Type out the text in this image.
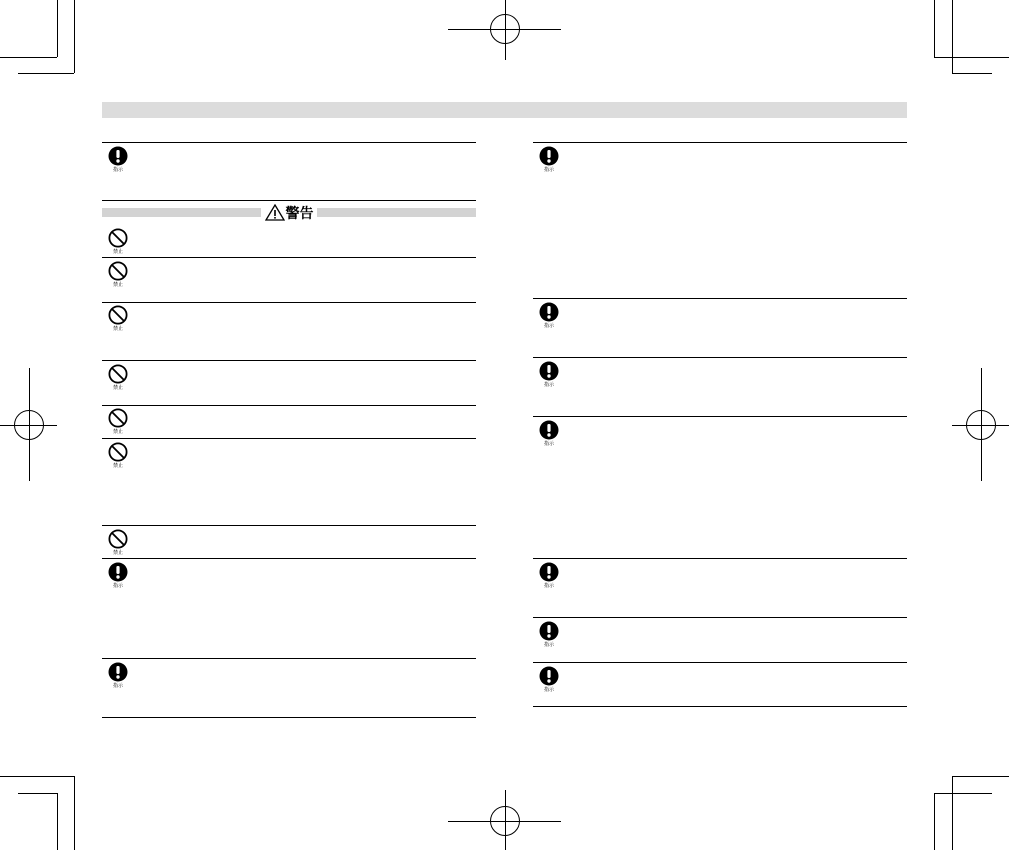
警告
指示
禁止
禁止
禁止
禁止
禁止
禁止
禁止
指示
指示
指示
指示
指示
指示
指示
指示
指示
